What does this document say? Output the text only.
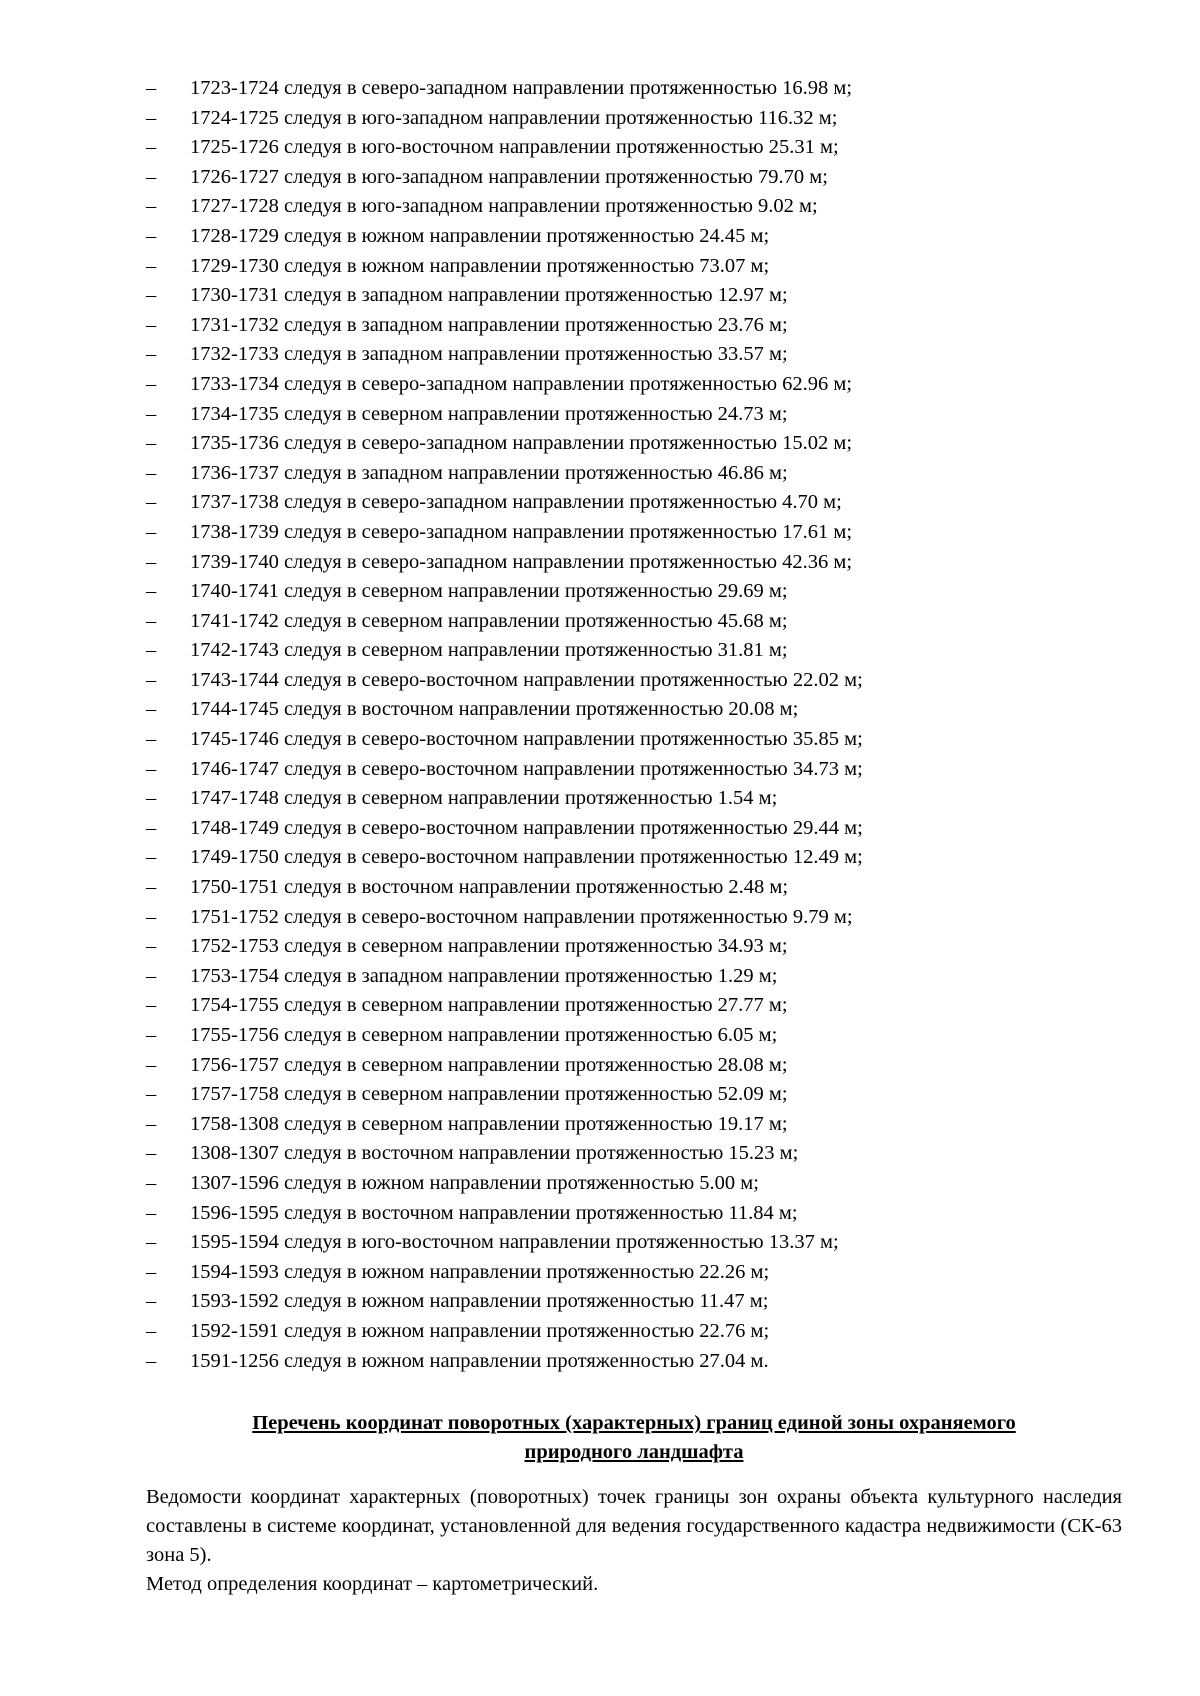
–	1723-1724 следуя в северо-западном направлении протяженностью 16.98 м;
–	1724-1725 следуя в юго-западном направлении протяженностью 116.32 м;
–	1725-1726 следуя в юго-восточном направлении протяженностью 25.31 м;
–	1726-1727 следуя в юго-западном направлении протяженностью 79.70 м;
–	1727-1728 следуя в юго-западном направлении протяженностью 9.02 м;
–	1728-1729 следуя в южном направлении протяженностью 24.45 м;
–	1729-1730 следуя в южном направлении протяженностью 73.07 м;
–	1730-1731 следуя в западном направлении протяженностью 12.97 м;
–	1731-1732 следуя в западном направлении протяженностью 23.76 м;
–	1732-1733 следуя в западном направлении протяженностью 33.57 м;
–	1733-1734 следуя в северо-западном направлении протяженностью 62.96 м;
–	1734-1735 следуя в северном направлении протяженностью 24.73 м;
–	1735-1736 следуя в северо-западном направлении протяженностью 15.02 м;
–	1736-1737 следуя в западном направлении протяженностью 46.86 м;
–	1737-1738 следуя в северо-западном направлении протяженностью 4.70 м;
–	1738-1739 следуя в северо-западном направлении протяженностью 17.61 м;
–	1739-1740 следуя в северо-западном направлении протяженностью 42.36 м;
–	1740-1741 следуя в северном направлении протяженностью 29.69 м;
–	1741-1742 следуя в северном направлении протяженностью 45.68 м;
–	1742-1743 следуя в северном направлении протяженностью 31.81 м;
–	1743-1744 следуя в северо-восточном направлении протяженностью 22.02 м;
–	1744-1745 следуя в восточном направлении протяженностью 20.08 м;
–	1745-1746 следуя в северо-восточном направлении протяженностью 35.85 м;
–	1746-1747 следуя в северо-восточном направлении протяженностью 34.73 м;
–	1747-1748 следуя в северном направлении протяженностью 1.54 м;
–	1748-1749 следуя в северо-восточном направлении протяженностью 29.44 м;
–	1749-1750 следуя в северо-восточном направлении протяженностью 12.49 м;
–	1750-1751 следуя в восточном направлении протяженностью 2.48 м;
–	1751-1752 следуя в северо-восточном направлении протяженностью 9.79 м;
–	1752-1753 следуя в северном направлении протяженностью 34.93 м;
–	1753-1754 следуя в западном направлении протяженностью 1.29 м;
–	1754-1755 следуя в северном направлении протяженностью 27.77 м;
–	1755-1756 следуя в северном направлении протяженностью 6.05 м;
–	1756-1757 следуя в северном направлении протяженностью 28.08 м;
–	1757-1758 следуя в северном направлении протяженностью 52.09 м;
–	1758-1308 следуя в северном направлении протяженностью 19.17 м;
–	1308-1307 следуя в восточном направлении протяженностью 15.23 м;
–	1307-1596 следуя в южном направлении протяженностью 5.00 м;
–	1596-1595 следуя в восточном направлении протяженностью 11.84 м;
–	1595-1594 следуя в юго-восточном направлении протяженностью 13.37 м;
–	1594-1593 следуя в южном направлении протяженностью 22.26 м;
–	1593-1592 следуя в южном направлении протяженностью 11.47 м;
–	1592-1591 следуя в южном направлении протяженностью 22.76 м;
–	1591-1256 следуя в южном направлении протяженностью 27.04 м.
Перечень координат поворотных (характерных) границ единой зоны охраняемого
природного ландшафта

Ведомости координат характерных (поворотных) точек границы зон охраны объекта культурного наследия составлены в системе координат, установленной для ведения государственного кадастра недвижимости (СК-63 зона 5).

Метод определения координат – картометрический.
